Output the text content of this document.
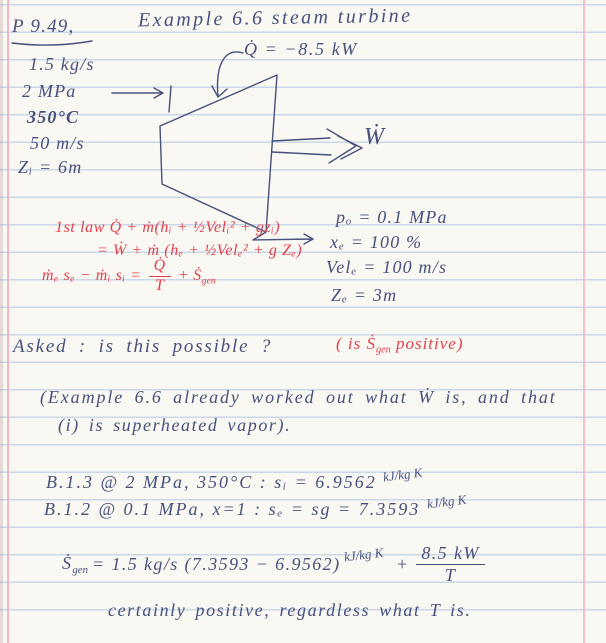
P 9.49,	Example 6.6 steam turbine
Q̇ = −8.5 kW
1.5 kg/s
2 MPa
350°C
50 m/s
Zᵢ = 6m
Ẇ
pₒ = 0.1 MPa
xₑ = 100 %
Velₑ = 100 m/s
Zₑ = 3m
1st law Q̇ + ṁ(hᵢ + ½Velᵢ² + gzᵢ)
= Ẇ + ṁ (hₑ + ½Velₑ² + g Zₑ)
ṁₑ sₑ − ṁᵢ sᵢ = $\frac{Q̇}{T}$ + Ṡ$_{gen}$
Asked : is this possible ?	( is Ṡ$_{gen}$ positive)
(Example 6.6 already worked out what Ẇ is, and that
(i) is superheated vapor).
B.1.3 @ 2 MPa, 350°C : sᵢ = 6.9562 kJ/kg K
B.1.2 @ 0.1 MPa, x=1 : sₑ = sg = 7.3593 kJ/kg K
Ṡ$_{gen}$ = 1.5 kg/s (7.3593 − 6.9562) kJ/kg $K + \frac{8.5 kW}{T}$
certainly positive, regardless what T is.
